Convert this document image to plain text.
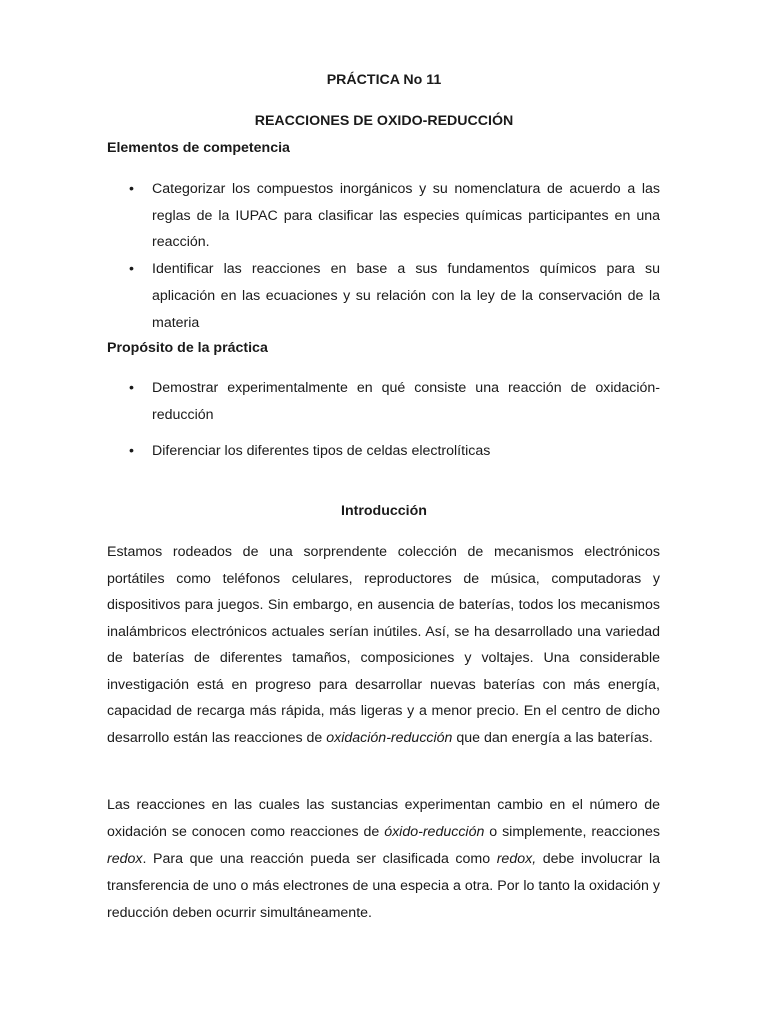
PRÁCTICA No 11
REACCIONES DE OXIDO-REDUCCIÓN
Elementos de competencia
• Categorizar los compuestos inorgánicos y su nomenclatura de acuerdo a las reglas de la IUPAC para clasificar las especies químicas participantes en una reacción.
• Identificar las reacciones en base a sus fundamentos químicos para su aplicación en las ecuaciones y su relación con la ley de la conservación de la materia
Propósito de la práctica
• Demostrar experimentalmente en qué consiste una reacción de oxidación-reducción
• Diferenciar los diferentes tipos de celdas electrolíticas
Introducción

Estamos rodeados de una sorprendente colección de mecanismos electrónicos portátiles como teléfonos celulares, reproductores de música, computadoras y dispositivos para juegos. Sin embargo, en ausencia de baterías, todos los mecanismos inalámbricos electrónicos actuales serían inútiles. Así, se ha desarrollado una variedad de baterías de diferentes tamaños, composiciones y voltajes. Una considerable investigación está en progreso para desarrollar nuevas baterías con más energía, capacidad de recarga más rápida, más ligeras y a menor precio. En el centro de dicho desarrollo están las reacciones de oxidación-reducción que dan energía a las baterías.

Las reacciones en las cuales las sustancias experimentan cambio en el número de oxidación se conocen como reacciones de óxido-reducción o simplemente, reacciones redox. Para que una reacción pueda ser clasificada como redox, debe involucrar la transferencia de uno o más electrones de una especia a otra. Por lo tanto la oxidación y reducción deben ocurrir simultáneamente.
